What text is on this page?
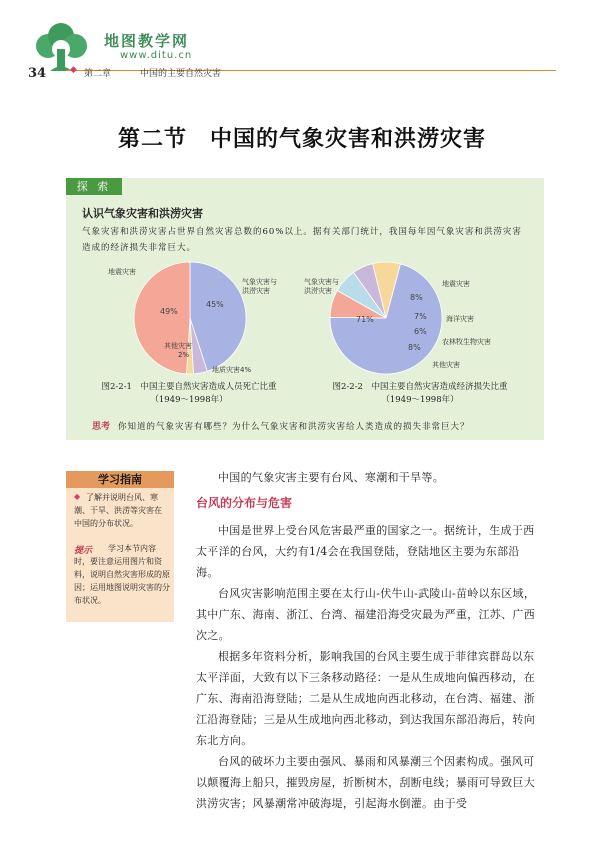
地图教学网
www.ditu.cn
34	◆ 第二章	中国的主要自然灾害
第二节　中国的气象灾害和洪涝灾害
探 索
认识气象灾害和洪涝灾害
气象灾害和洪涝灾害占世界自然灾害总数的60%以上。据有关部门统计，我国每年因气象灾害和洪涝灾害造成的经济损失非常巨大。
地震灾害
气象灾害与
洪涝灾害
其他灾害
2%
地质灾害4%
49%
45%
气象灾害与
洪涝灾害
地震灾害
海洋灾害
农林牧生物灾害
其他灾害
71%
8%
7%
6%
8%
图2-2-1　中国主要自然灾害造成人员死亡比重
（1949～1998年）
图2-2-2　中国主要自然灾害造成经济损失比重
（1949～1998年）
思考 你知道的气象灾害有哪些？为什么气象灾害和洪涝灾害给人类造成的损失非常巨大？
学习指南
◆ 了解并说明台风、寒潮、干旱、洪涝等灾害在中国的分布状况。
提示	学习本节内容时，要注意运用图片和资料，说明自然灾害形成的原因；运用地图说明灾害的分布状况。
中国的气象灾害主要有台风、寒潮和干旱等。
台风的分布与危害
中国是世界上受台风危害最严重的国家之一。据统计，生成于西太平洋的台风，大约有1/4会在我国登陆，登陆地区主要为东部沿海。
台风灾害影响范围主要在太行山-伏牛山-武陵山-苗岭以东区域，其中广东、海南、浙江、台湾、福建沿海受灾最为严重，江苏、广西次之。
根据多年资料分析，影响我国的台风主要生成于菲律宾群岛以东太平洋面，大致有以下三条移动路径：一是从生成地向偏西移动，在广东、海南沿海登陆；二是从生成地向西北移动，在台湾、福建、浙江沿海登陆；三是从生成地向西北移动，到达我国东部沿海后，转向东北方向。
台风的破坏力主要由强风、暴雨和风暴潮三个因素构成。强风可以颠覆海上船只，摧毁房屋，折断树木，刮断电线；暴雨可导致巨大洪涝灾害；风暴潮常冲破海堤，引起海水倒灌。由于受
